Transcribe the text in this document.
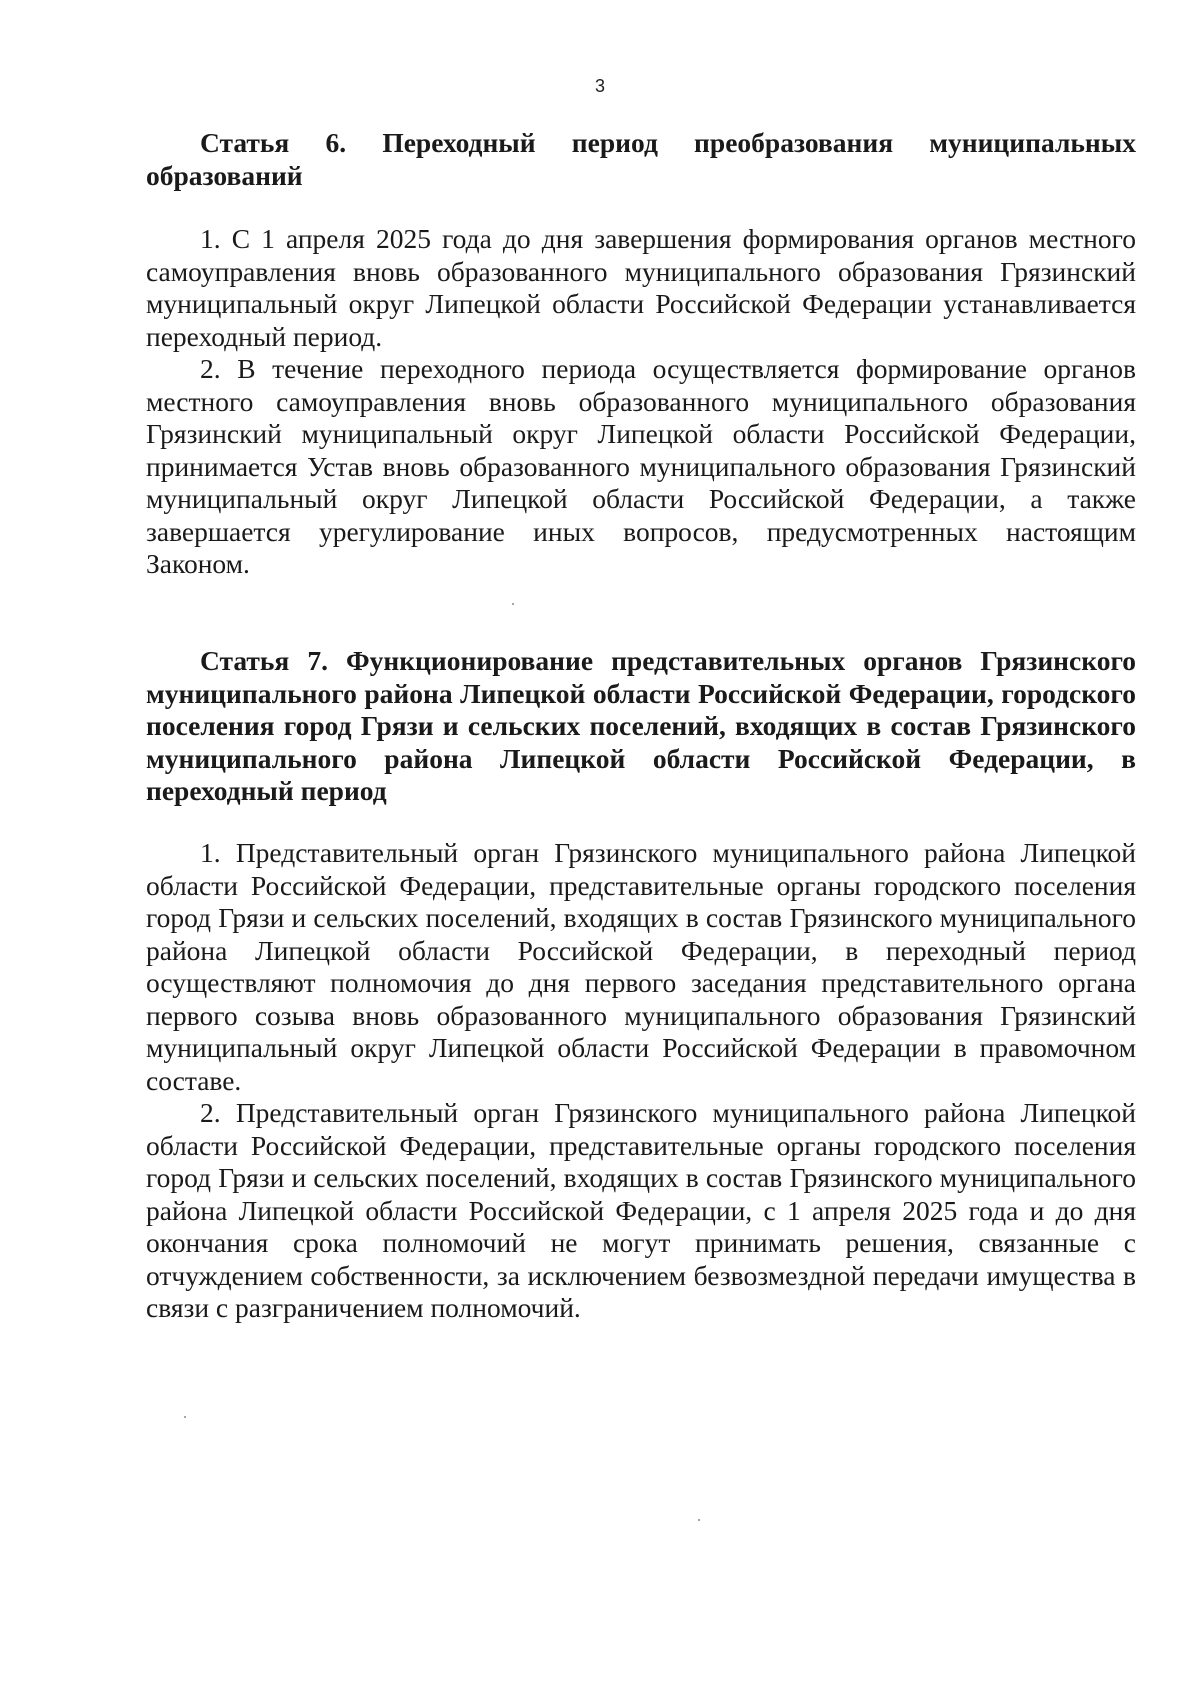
3

Статья 6. Переходный период преобразования муниципальных образований

1. С 1 апреля 2025 года до дня завершения формирования органов местного самоуправления вновь образованного муниципального образования Грязинский муниципальный округ Липецкой области Российской Федерации устанавливается переходный период.

2. В течение переходного периода осуществляется формирование органов местного самоуправления вновь образованного муниципального образования Грязинский муниципальный округ Липецкой области Российской Федерации, принимается Устав вновь образованного муниципального образования Грязинский муниципальный округ Липецкой области Российской Федерации, а также завершается урегулирование иных вопросов, предусмотренных настоящим Законом.

Статья 7. Функционирование представительных органов Грязинского муниципального района Липецкой области Российской Федерации, городского поселения город Грязи и сельских поселений, входящих в состав Грязинского муниципального района Липецкой области Российской Федерации, в переходный период

1. Представительный орган Грязинского муниципального района Липецкой области Российской Федерации, представительные органы городского поселения город Грязи и сельских поселений, входящих в состав Грязинского муниципального района Липецкой области Российской Федерации, в переходный период осуществляют полномочия до дня первого заседания представительного органа первого созыва вновь образованного муниципального образования Грязинский муниципальный округ Липецкой области Российской Федерации в правомочном составе.

2. Представительный орган Грязинского муниципального района Липецкой области Российской Федерации, представительные органы городского поселения город Грязи и сельских поселений, входящих в состав Грязинского муниципального района Липецкой области Российской Федерации, с 1 апреля 2025 года и до дня окончания срока полномочий не могут принимать решения, связанные с отчуждением собственности, за исключением безвозмездной передачи имущества в связи с разграничением полномочий.
